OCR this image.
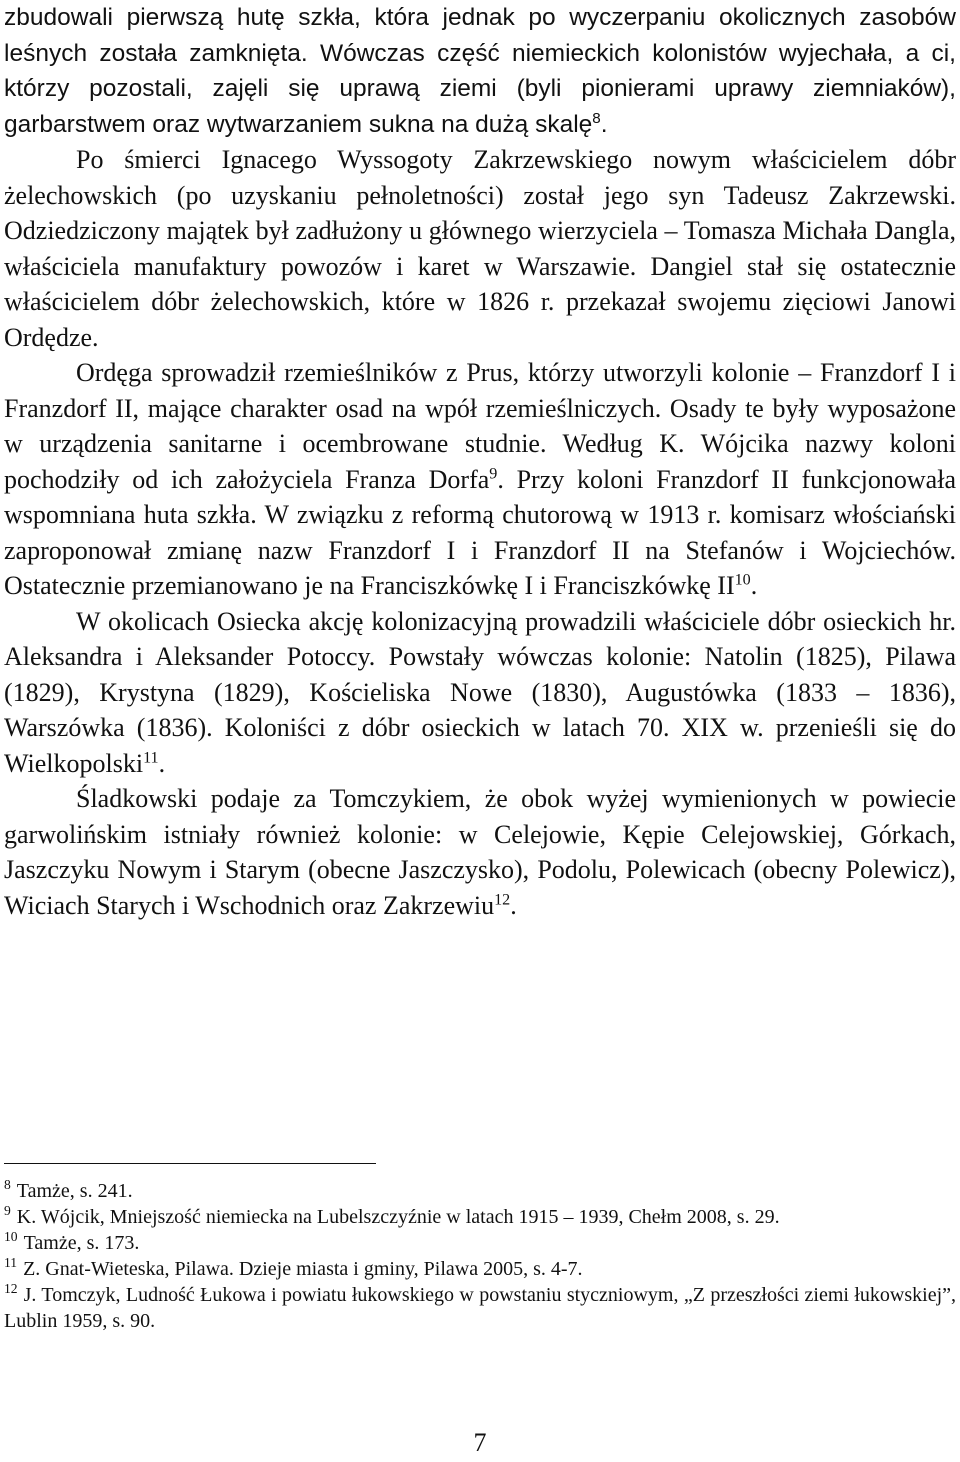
zbudowali pierwszą hutę szkła, która jednak po wyczerpaniu okolicznych zasobów leśnych została zamknięta. Wówczas część niemieckich kolonistów wyjechała, a ci, którzy pozostali, zajęli się uprawą ziemi (byli pionierami uprawy ziemniaków), garbarstwem oraz wytwarzaniem sukna na dużą skalę$^8$.

Po śmierci Ignacego Wyssogoty Zakrzewskiego nowym właścicielem dóbr żelechowskich (po uzyskaniu pełnoletności) został jego syn Tadeusz Zakrzewski. Odziedziczony majątek był zadłużony u głównego wierzyciela – Tomasza Michała Dangla, właściciela manufaktury powozów i karet w Warszawie. Dangiel stał się ostatecznie właścicielem dóbr żelechowskich, które w 1826 r. przekazał swojemu zięciowi Janowi Ordędze.

Ordęga sprowadził rzemieślników z Prus, którzy utworzyli kolonie – Franzdorf I i Franzdorf II, mające charakter osad na wpół rzemieślniczych. Osady te były wyposażone w urządzenia sanitarne i ocembrowane studnie. Według K. Wójcika nazwy koloni pochodziły od ich założyciela Franza Dorfa$^9$. Przy koloni Franzdorf II funkcjonowała wspomniana huta szkła. W związku z reformą chutorową w 1913 r. komisarz włościański zaproponował zmianę nazw Franzdorf I i Franzdorf II na Stefanów i Wojciechów. Ostatecznie przemianowano je na Franciszkówkę I i Franciszkówkę II$^{10}$.

W okolicach Osiecka akcję kolonizacyjną prowadzili właściciele dóbr osieckich hr. Aleksandra i Aleksander Potoccy. Powstały wówczas kolonie: Natolin (1825), Pilawa (1829), Krystyna (1829), Kościeliska Nowe (1830), Augustówka (1833 – 1836), Warszówka (1836). Koloniści z dóbr osieckich w latach 70. XIX w. przenieśli się do Wielkopolski$^{11}$.

Śladkowski podaje za Tomczykiem, że obok wyżej wymienionych w powiecie garwolińskim istniały również kolonie: w Celejowie, Kępie Celejowskiej, Górkach, Jaszczyku Nowym i Starym (obecne Jaszczysko), Podolu, Polewicach (obecny Polewicz), Wiciach Starych i Wschodnich oraz Zakrzewiu$^{12}$.

$^8$ Tamże, s. 241.

$^9$ K. Wójcik, Mniejszość niemiecka na Lubelszczyźnie w latach 1915 – 1939, Chełm 2008, s. 29.

$^{10}$ Tamże, s. 173.

$^{11}$ Z. Gnat-Wieteska, Pilawa. Dzieje miasta i gminy, Pilawa 2005, s. 4-7.

$^{12}$ J. Tomczyk, Ludność Łukowa i powiatu łukowskiego w powstaniu styczniowym, „Z przeszłości ziemi łukowskiej”, Lublin 1959, s. 90.

7
